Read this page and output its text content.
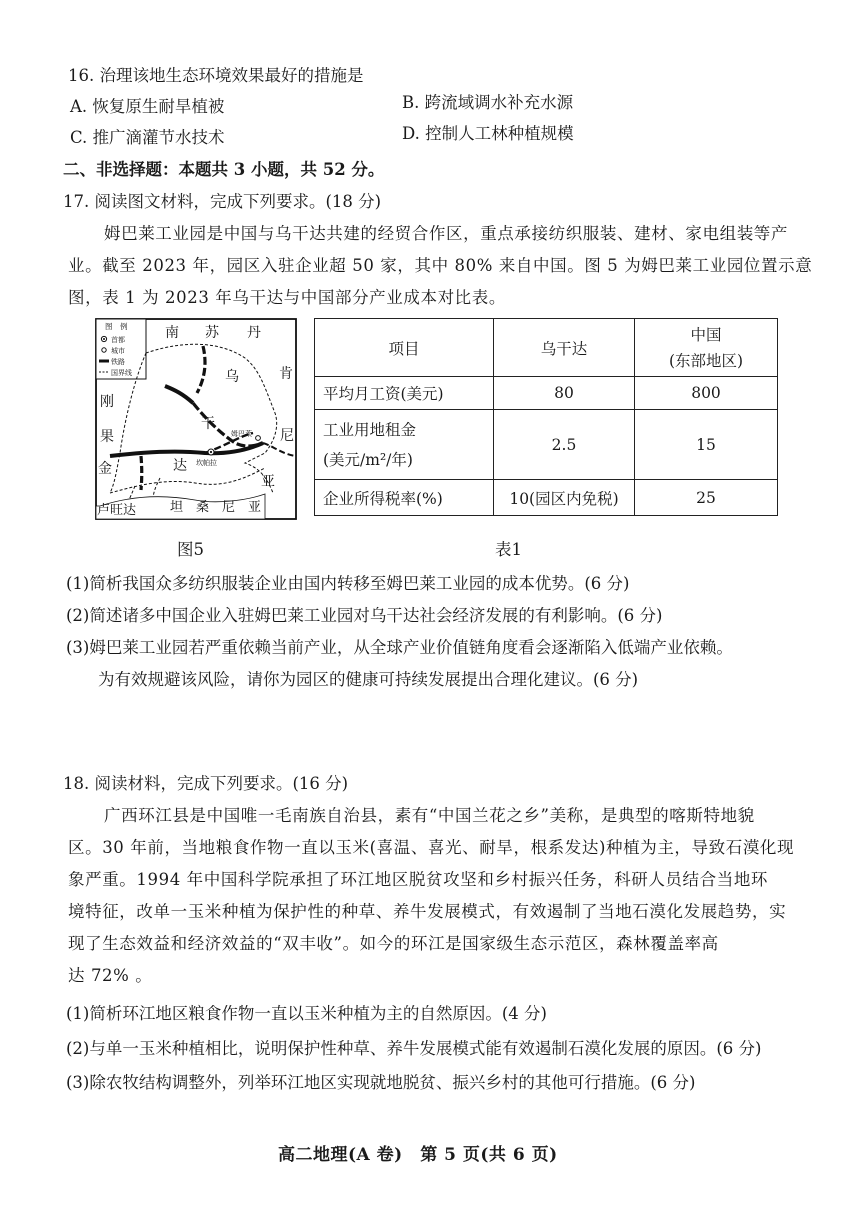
16. 治理该地生态环境效果最好的措施是
A. 恢复原生耐旱植被	B. 跨流域调水补充水源
C. 推广滴灌节水技术	D. 控制人工林种植规模
二、非选择题：本题共 3 小题，共 52 分。
17. 阅读图文材料，完成下列要求。(18 分)
姆巴莱工业园是中国与乌干达共建的经贸合作区，重点承接纺织服装、建材、家电组装等产
业。截至 2023 年，园区入驻企业超 50 家，其中 80% 来自中国。图 5 为姆巴莱工业园位置示意
图，表 1 为 2023 年乌干达与中国部分产业成本对比表。
图　例
首都
城市
铁路
国界线
南 苏 丹
乌
干
达
肯
尼
亚
刚
果
金
卢旺达	坦　桑　尼　亚
姆巴莱
坎帕拉
项目	乌干达	中国
(东部地区)

平均月工资(美元)	80	800

工业用地租金
(美元/m²/年)	2.5	15
企业所得税率(%)	10(园区内免税)	25
图5	表1
(1)简析我国众多纺织服装企业由国内转移至姆巴莱工业园的成本优势。(6 分)
(2)简述诸多中国企业入驻姆巴莱工业园对乌干达社会经济发展的有利影响。(6 分)
(3)姆巴莱工业园若严重依赖当前产业，从全球产业价值链角度看会逐渐陷入低端产业依赖。
为有效规避该风险，请你为园区的健康可持续发展提出合理化建议。(6 分)
18. 阅读材料，完成下列要求。(16 分)
广西环江县是中国唯一毛南族自治县，素有“中国兰花之乡”美称，是典型的喀斯特地貌
区。30 年前，当地粮食作物一直以玉米(喜温、喜光、耐旱，根系发达)种植为主，导致石漠化现
象严重。1994 年中国科学院承担了环江地区脱贫攻坚和乡村振兴任务，科研人员结合当地环
境特征，改单一玉米种植为保护性的种草、养牛发展模式，有效遏制了当地石漠化发展趋势，实
现了生态效益和经济效益的“双丰收”。如今的环江是国家级生态示范区，森林覆盖率高
达 72% 。
(1)简析环江地区粮食作物一直以玉米种植为主的自然原因。(4 分)
(2)与单一玉米种植相比，说明保护性种草、养牛发展模式能有效遏制石漠化发展的原因。(6 分)
(3)除农牧结构调整外，列举环江地区实现就地脱贫、振兴乡村的其他可行措施。(6 分)
高二地理(A 卷)　第 5 页(共 6 页)
